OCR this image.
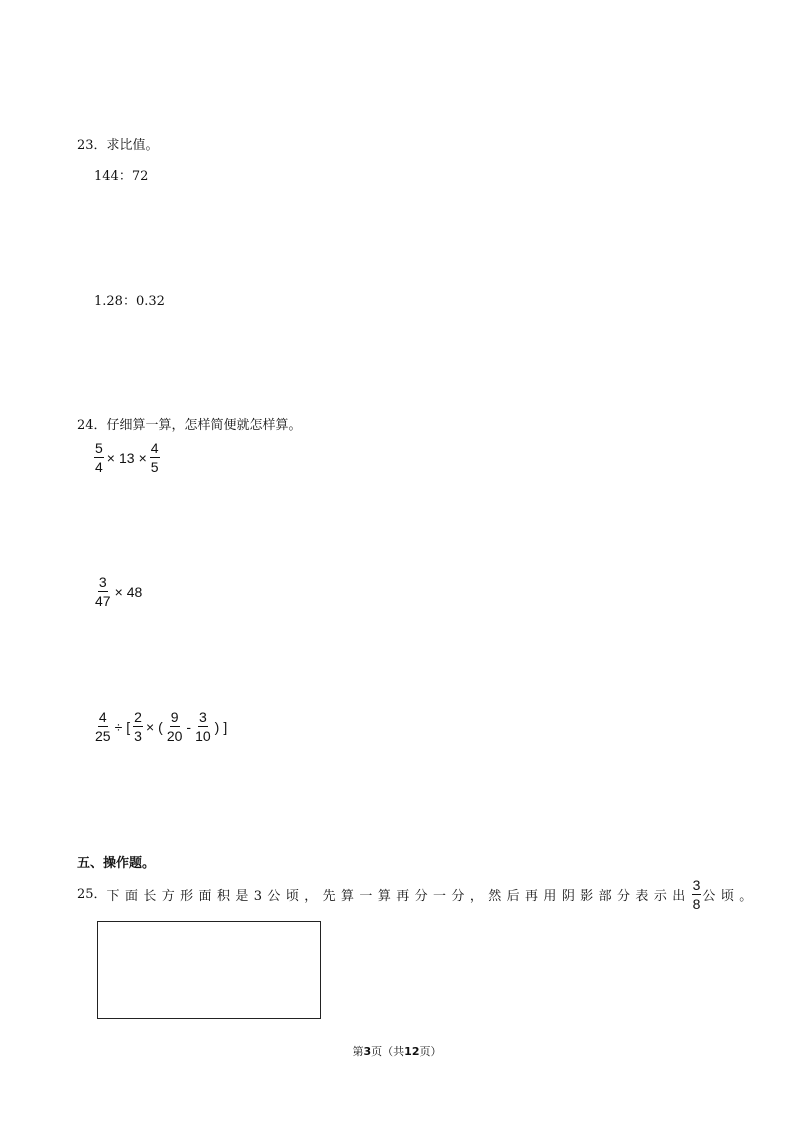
23．求比值。
144：72
1.28：0.32
24．仔细算一算，怎样简便就怎样算。
$\frac{5}{4} \times 13 \times \frac{4}{5}$
$\frac{3}{47} \times 48$
$\frac{4}{25}$ ÷ [ $\frac{2}{3}$ × ( $\frac{9}{20} - \frac{3}{10}$ ) ]
五、操作题。
25．下面长方形面积是3公顷，先算一算再分一分，然后再用阴影部分表示出 $\frac{3}{8}$ 公顷。
第3页（共12页）
